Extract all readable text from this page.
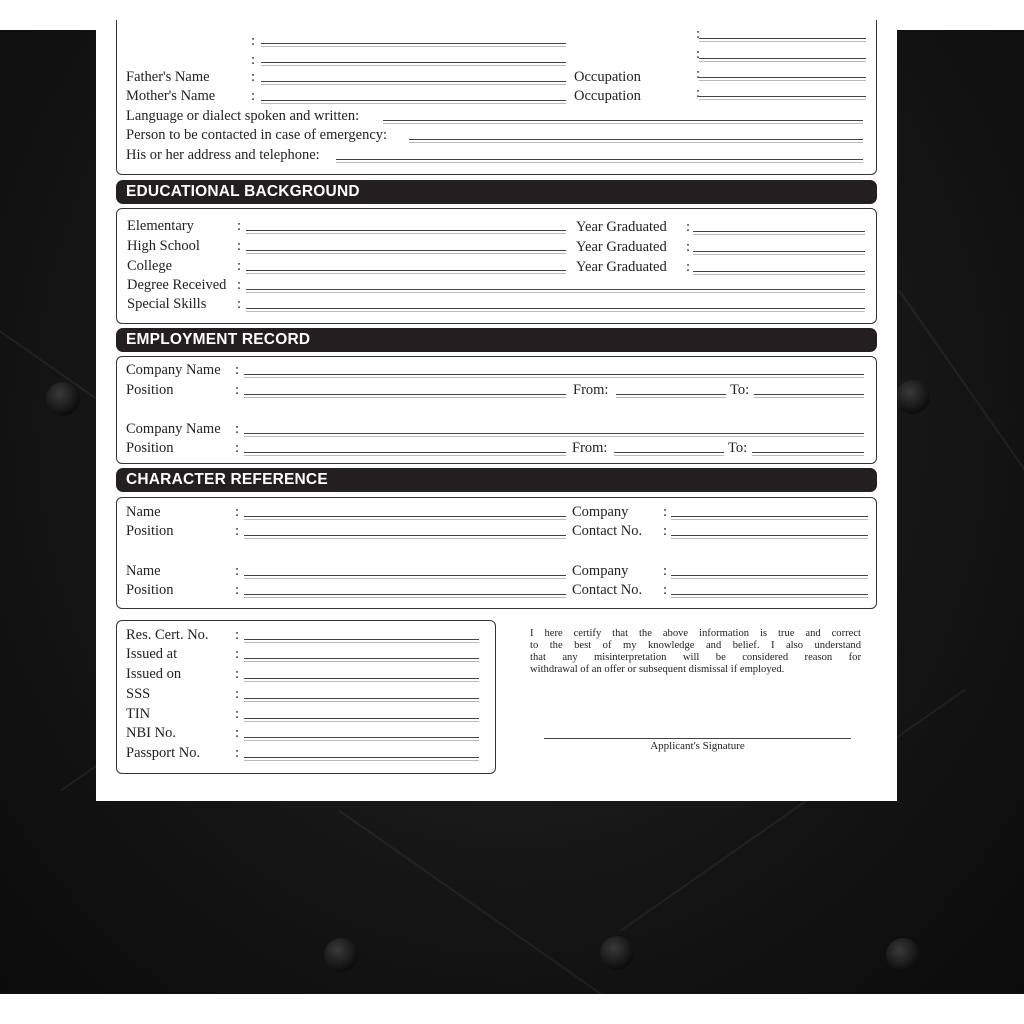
:	:
:	:
Father's Name	:	Occupation	:
Mother's Name :	Occupation	:
Language or dialect spoken and written:
Person to be contacted in case of emergency:
His or her address and telephone:
EDUCATIONAL BACKGROUND
Elementary	:	Year Graduated :
High School	:	Year Graduated :
College	:	Year Graduated :
Degree Received :
Special Skills :
EMPLOYMENT RECORD
Company Name :
Position	:	From:	To:
Company Name :
Position	:	From:	To:
CHARACTER REFERENCE
Name	:	Company :
Position	:	Contact No. :
Name	:	Company :
Position	:	Contact No. :
Res. Cert. No. :
Issued at	:
Issued on	:
SSS	:
TIN	:
NBI No.	:
Passport No. :
I here certify that the above information is true and correct
to the best of my knowledge and belief. I also understand
that any misinterpretation will be considered reason for
withdrawal of an offer or subsequent dismissal if employed.
Applicant's Signature
